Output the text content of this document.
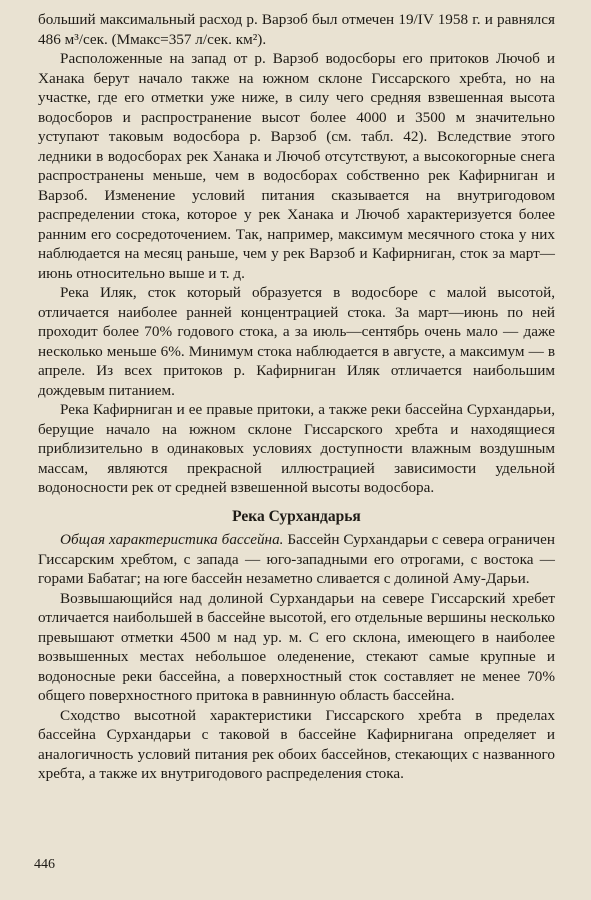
больший максимальный расход р. Варзоб был отмечен 19/IV 1958 г. и равнялся 486 м³/сек. (Mмакс=357 л/сек. км²).

Расположенные на запад от р. Варзоб водосборы его притоков Лючоб и Ханака берут начало также на южном склоне Гиссарского хребта, но на участке, где его отметки уже ниже, в силу чего средняя взвешенная высота водосборов и распространение высот более 4000 и 3500 м значительно уступают таковым водосбора р. Варзоб (см. табл. 42). Вследствие этого ледники в водосборах рек Ханака и Лючоб отсутствуют, а высокогорные снега распространены меньше, чем в водосборах собственно рек Кафирниган и Варзоб. Изменение условий питания сказывается на внутригодовом распределении стока, которое у рек Ханака и Лючоб характеризуется более ранним его сосредоточением. Так, например, максимум месячного стока у них наблюдается на месяц раньше, чем у рек Варзоб и Кафирниган, сток за март—июнь относительно выше и т. д.

Река Иляк, сток который образуется в водосборе с малой высотой, отличается наиболее ранней концентрацией стока. За март—июнь по ней проходит более 70% годового стока, а за июль—сентябрь очень мало — даже несколько меньше 6%. Минимум стока наблюдается в августе, а максимум — в апреле. Из всех притоков р. Кафирниган Иляк отличается наибольшим дождевым питанием.

Река Кафирниган и ее правые притоки, а также реки бассейна Сурхандарьи, берущие начало на южном склоне Гиссарского хребта и находящиеся приблизительно в одинаковых условиях доступности влажным воздушным массам, являются прекрасной иллюстрацией зависимости удельной водоносности рек от средней взвешенной высоты водосбора.

Река Сурхандарья

Общая характеристика бассейна. Бассейн Сурхандарьи с севера ограничен Гиссарским хребтом, с запада — юго-западными его отрогами, с востока — горами Бабатаг; на юге бассейн незаметно сливается с долиной Аму-Дарьи.

Возвышающийся над долиной Сурхандарьи на севере Гиссарский хребет отличается наибольшей в бассейне высотой, его отдельные вершины несколько превышают отметки 4500 м над ур. м. С его склона, имеющего в наиболее возвышенных местах небольшое оледенение, стекают самые крупные и водоносные реки бассейна, а поверхностный сток составляет не менее 70% общего поверхностного притока в равнинную область бассейна.

Сходство высотной характеристики Гиссарского хребта в пределах бассейна Сурхандарьи с таковой в бассейне Кафирнигана определяет и аналогичность условий питания рек обоих бассейнов, стекающих с названного хребта, а также их внутригодового распределения стока.

446
